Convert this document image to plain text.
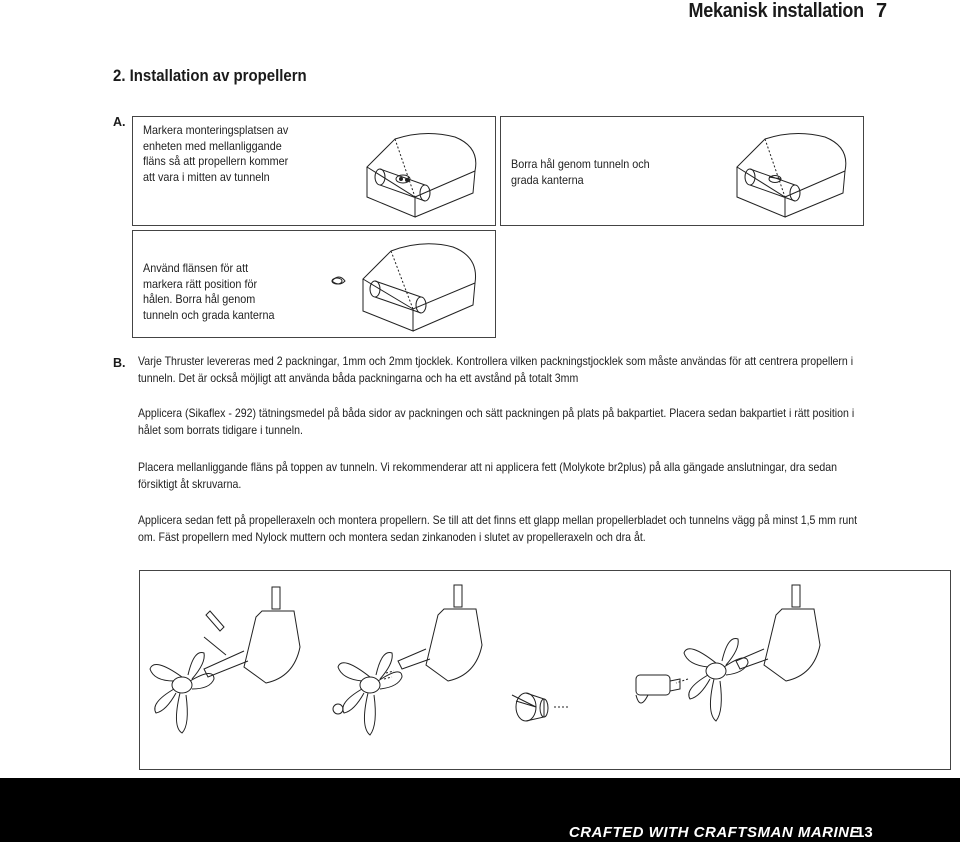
Mekanisk installation 7
2. Installation av propellern
A.
Markera monteringsplatsen av enheten med mellanliggande fläns så att propellern kommer att vara i mitten av tunneln
Borra hål genom tunneln och grada kanterna
Använd flänsen för att markera rätt position för hålen. Borra hål genom tunneln och grada kanterna
B. Varje Thruster levereras med 2 packningar, 1mm och 2mm tjocklek. Kontrollera vilken packningstjocklek som måste användas för att centrera propellern i tunneln. Det är också möjligt att använda båda packningarna och ha ett avstånd på totalt 3mm
Applicera (Sikaflex - 292) tätningsmedel på båda sidor av packningen och sätt packningen på plats på bakpartiet. Placera sedan bakpartiet i rätt position i hålet som borrats tidigare i tunneln.
Placera mellanliggande fläns på toppen av tunneln. Vi rekommenderar att ni applicera fett (Molykote br2plus) på alla gängade anslutningar, dra sedan försiktigt åt skruvarna.
Applicera sedan fett på propelleraxeln och montera propellern. Se till att det finns ett glapp mellan propellerbladet och tunnelns vägg på minst 1,5 mm runt om. Fäst propellern med Nylock muttern och montera sedan zinkanoden i slutet av propelleraxeln och dra åt.
CRAFTED WITH CRAFTSMAN MARINE
13
